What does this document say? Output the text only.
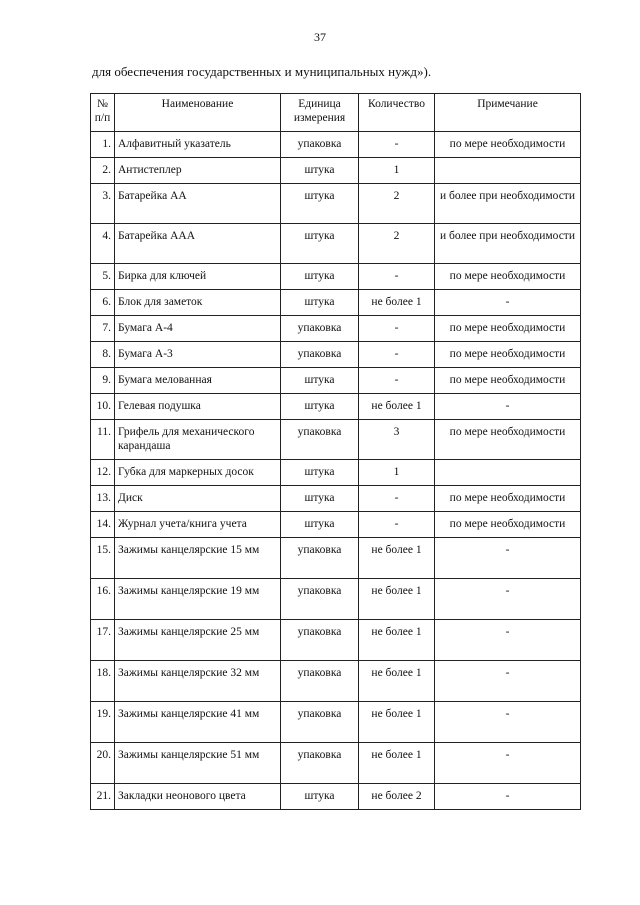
37
для обеспечения государственных и муниципальных нужд»).
№ п/п	Наименование	Единица измерения	Количество	Примечание
1.	Алфавитный указатель	упаковка	-	по мере необходимости
2.	Антистеплер	штука	1	
3.	Батарейка АА	штука	2	и более при необходимости
4.	Батарейка ААА	штука	2	и более при необходимости
5.	Бирка для ключей	штука	-	по мере необходимости
6.	Блок для заметок	штука	не более 1	-
7.	Бумага А-4	упаковка	-	по мере необходимости
8.	Бумага А-3	упаковка	-	по мере необходимости
9.	Бумага мелованная	штука	-	по мере необходимости
10.	Гелевая подушка	штука	не более 1	-
11.	Грифель для механического карандаша	упаковка	3	по мере необходимости
12.	Губка для маркерных досок	штука	1	
13.	Диск	штука	-	по мере необходимости
14.	Журнал учета/книга учета	штука	-	по мере необходимости
15.	Зажимы канцелярские 15 мм	упаковка	не более 1	-
16.	Зажимы канцелярские 19 мм	упаковка	не более 1	-
17.	Зажимы канцелярские 25 мм	упаковка	не более 1	-
18.	Зажимы канцелярские 32 мм	упаковка	не более 1	-
19.	Зажимы канцелярские 41 мм	упаковка	не более 1	-
20.	Зажимы канцелярские 51 мм	упаковка	не более 1	-
21.	Закладки неонового цвета	штука	не более 2	-
